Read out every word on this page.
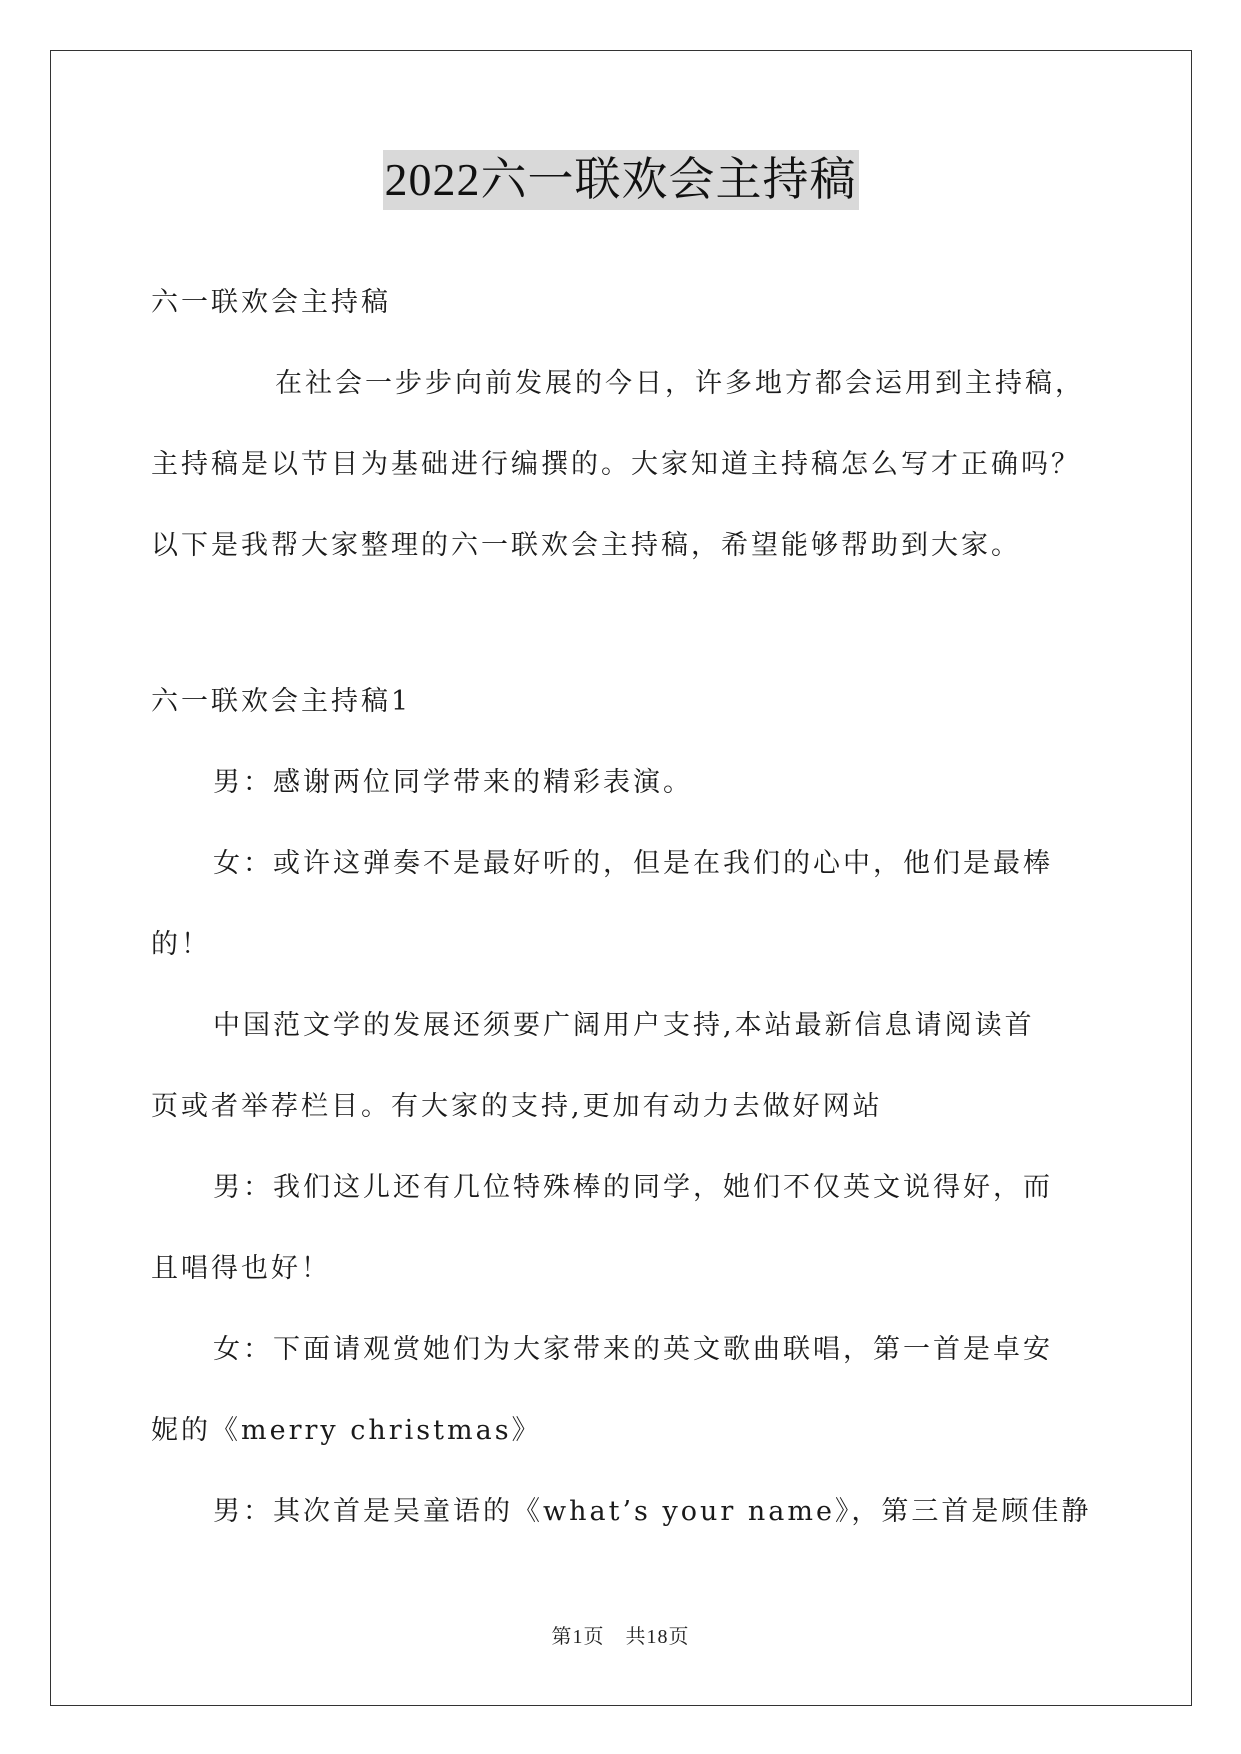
2022六一联欢会主持稿
六一联欢会主持稿
在社会一步步向前发展的今日，许多地方都会运用到主持稿，
主持稿是以节目为基础进行编撰的。大家知道主持稿怎么写才正确吗？
以下是我帮大家整理的六一联欢会主持稿，希望能够帮助到大家。
六一联欢会主持稿1
男：感谢两位同学带来的精彩表演。
女：或许这弹奏不是最好听的，但是在我们的心中，他们是最棒
的！
中国范文学的发展还须要广阔用户支持,本站最新信息请阅读首
页或者举荐栏目。有大家的支持,更加有动力去做好网站
男：我们这儿还有几位特殊棒的同学，她们不仅英文说得好，而
且唱得也好！
女：下面请观赏她们为大家带来的英文歌曲联唱，第一首是卓安
妮的《merry christmas》
男：其次首是吴童语的《what’s your name》，第三首是顾佳静
第1页　共18页
